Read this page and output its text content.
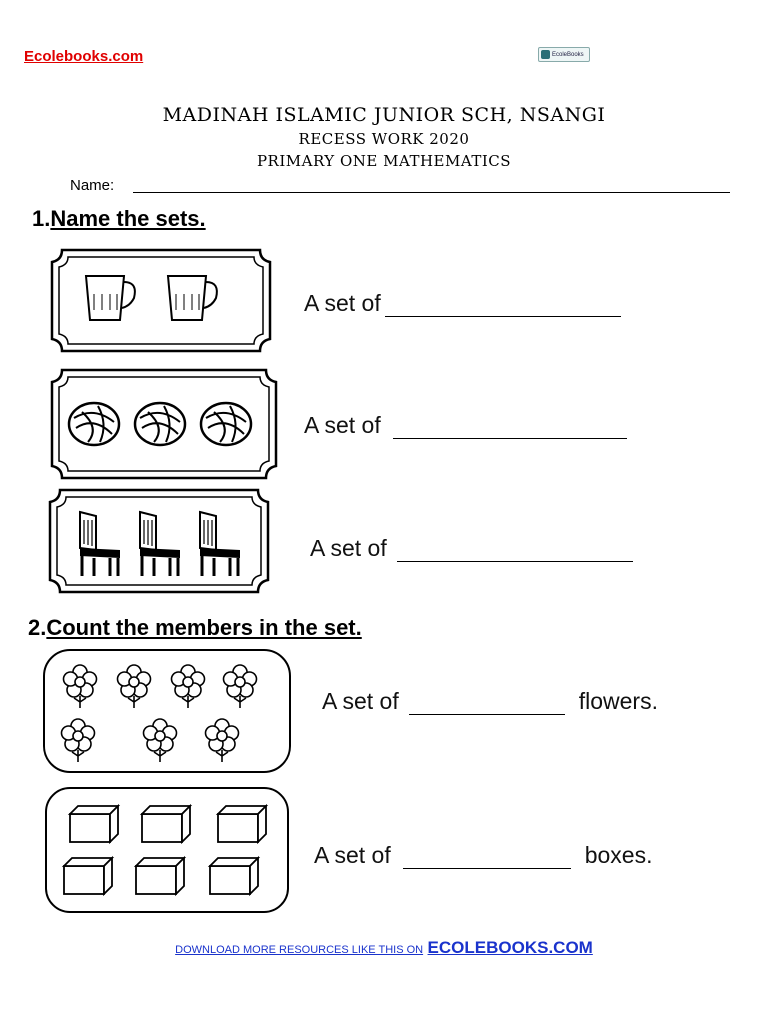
Ecolebooks.com	EcoleBooks
MADINAH ISLAMIC JUNIOR SCH, NSANGI
RECESS WORK 2020
PRIMARY ONE MATHEMATICS
Name:
1.Name the sets.
A set of
A set of
A set of
2.Count the members in the set.
A set of	flowers.
A set of	boxes.
DOWNLOAD MORE RESOURCES LIKE THIS ON ECOLEBOOKS.COM
